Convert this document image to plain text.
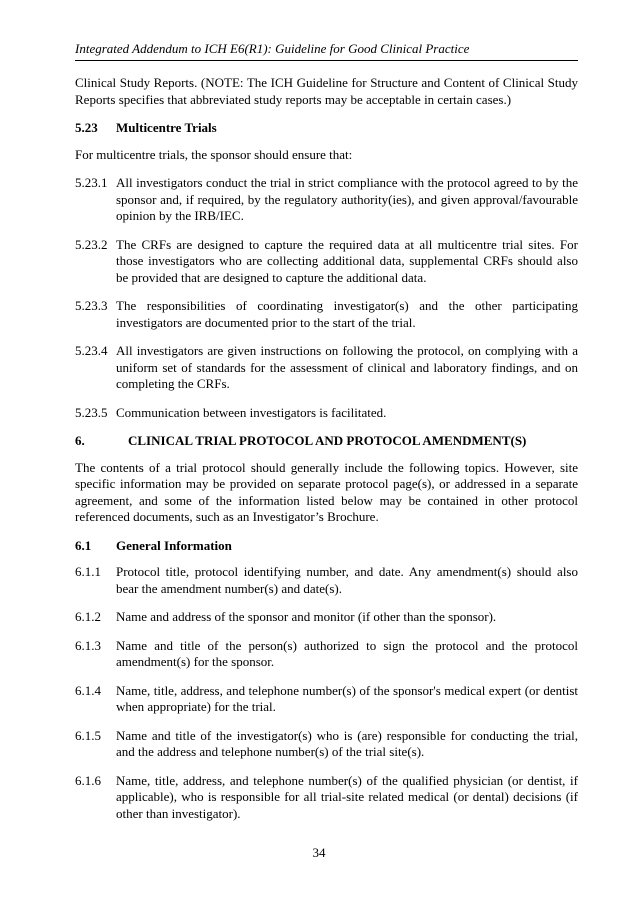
Integrated Addendum to ICH E6(R1): Guideline for Good Clinical Practice

Clinical Study Reports. (NOTE: The ICH Guideline for Structure and Content of Clinical Study Reports specifies that abbreviated study reports may be acceptable in certain cases.)

5.23	Multicentre Trials

For multicentre trials, the sponsor should ensure that:

5.23.1 All investigators conduct the trial in strict compliance with the protocol agreed to by the sponsor and, if required, by the regulatory authority(ies), and given approval/favourable opinion by the IRB/IEC.
5.23.2 The CRFs are designed to capture the required data at all multicentre trial sites. For those investigators who are collecting additional data, supplemental CRFs should also be provided that are designed to capture the additional data.
5.23.3 The responsibilities of coordinating investigator(s) and the other participating investigators are documented prior to the start of the trial.
5.23.4 All investigators are given instructions on following the protocol, on complying with a uniform set of standards for the assessment of clinical and laboratory findings, and on completing the CRFs.
5.23.5 Communication between investigators is facilitated.
6.	CLINICAL TRIAL PROTOCOL AND PROTOCOL AMENDMENT(S)

The contents of a trial protocol should generally include the following topics. However, site specific information may be provided on separate protocol page(s), or addressed in a separate agreement, and some of the information listed below may be contained in other protocol referenced documents, such as an Investigator’s Brochure.

6.1	General Information
6.1.1	Protocol title, protocol identifying number, and date. Any amendment(s) should also bear the amendment number(s) and date(s).
6.1.2	Name and address of the sponsor and monitor (if other than the sponsor).
6.1.3	Name and title of the person(s) authorized to sign the protocol and the protocol amendment(s) for the sponsor.
6.1.4	Name, title, address, and telephone number(s) of the sponsor's medical expert (or dentist when appropriate) for the trial.
6.1.5	Name and title of the investigator(s) who is (are) responsible for conducting the trial, and the address and telephone number(s) of the trial site(s).
6.1.6	Name, title, address, and telephone number(s) of the qualified physician (or dentist, if applicable), who is responsible for all trial-site related medical (or dental) decisions (if other than investigator).
34
